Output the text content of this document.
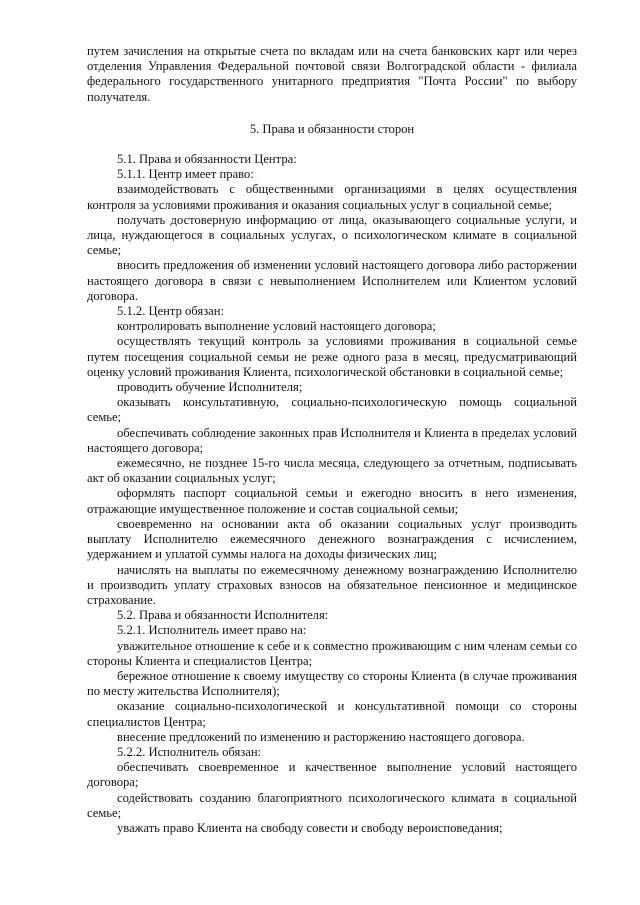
путем зачисления на открытые счета по вкладам или на счета банковских карт или через отделения Управления Федеральной почтовой связи Волгоградской области - филиала федерального государственного унитарного предприятия "Почта России" по выбору получателя.

5. Права и обязанности сторон

5.1. Права и обязанности Центра:

5.1.1. Центр имеет право:

взаимодействовать с общественными организациями в целях осуществления контроля за условиями проживания и оказания социальных услуг в социальной семье;

получать достоверную информацию от лица, оказывающего социальные услуги, и лица, нуждающегося в социальных услугах, о психологическом климате в социальной семье;

вносить предложения об изменении условий настоящего договора либо расторжении настоящего договора в связи с невыполнением Исполнителем или Клиентом условий договора.

5.1.2. Центр обязан:

контролировать выполнение условий настоящего договора;

осуществлять текущий контроль за условиями проживания в социальной семье путем посещения социальной семьи не реже одного раза в месяц, предусматривающий оценку условий проживания Клиента, психологической обстановки в социальной семье;

проводить обучение Исполнителя;

оказывать консультативную, социально-психологическую помощь социальной семье;

обеспечивать соблюдение законных прав Исполнителя и Клиента в пределах условий настоящего договора;

ежемесячно, не позднее 15-го числа месяца, следующего за отчетным, подписывать акт об оказании социальных услуг;

оформлять паспорт социальной семьи и ежегодно вносить в него изменения, отражающие имущественное положение и состав социальной семьи;

своевременно на основании акта об оказании социальных услуг производить выплату Исполнителю ежемесячного денежного вознаграждения с исчислением, удержанием и уплатой суммы налога на доходы физических лиц;

начислять на выплаты по ежемесячному денежному вознаграждению Исполнителю и производить уплату страховых взносов на обязательное пенсионное и медицинское страхование.

5.2. Права и обязанности Исполнителя:

5.2.1. Исполнитель имеет право на:

уважительное отношение к себе и к совместно проживающим с ним членам семьи со стороны Клиента и специалистов Центра;

бережное отношение к своему имуществу со стороны Клиента (в случае проживания по месту жительства Исполнителя);

оказание социально-психологической и консультативной помощи со стороны специалистов Центра;

внесение предложений по изменению и расторжению настоящего договора.

5.2.2. Исполнитель обязан:

обеспечивать своевременное и качественное выполнение условий настоящего договора;

содействовать созданию благоприятного психологического климата в социальной семье;

уважать право Клиента на свободу совести и свободу вероисповедания;
